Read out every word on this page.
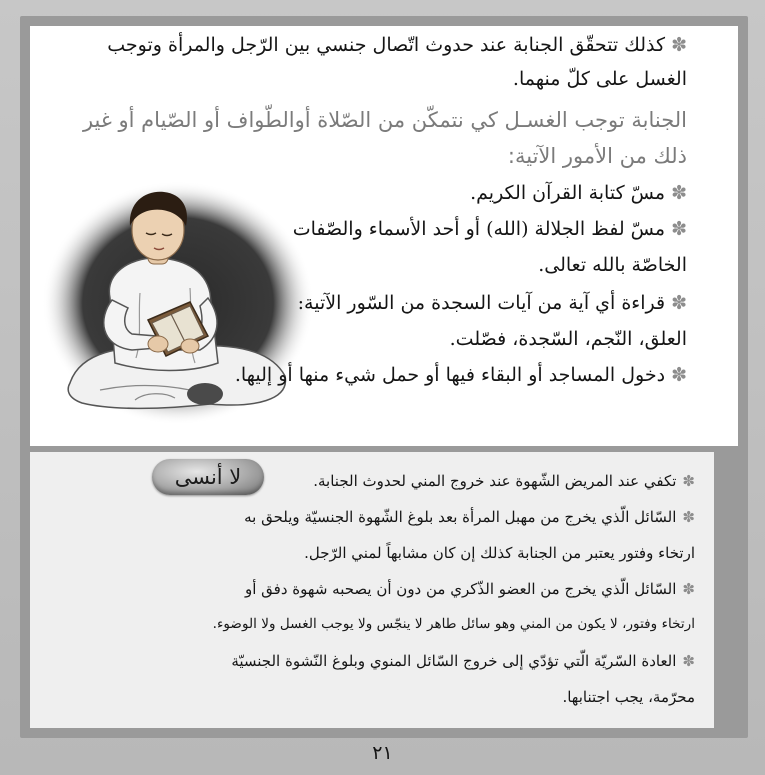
✽كذلك تتحقّق الجنابة عند حدوث اتّصال جنسي بين الرّجل والمرأة وتوجب
الغسل على كلّ منهما.
الجنابة توجب الغسـل كي نتمكّن من الصّلاة أوالطّواف أو الصّيام أو غير
ذلك من الأمور الآتية:
✽مسّ كتابة القرآن الكريم.
✽مسّ لفظ الجلالة (الله) أو أحد الأسماء والصّفات
الخاصّة بالله تعالى.
✽قراءة أي آية من آيات السجدة من السّور الآتية:
العلق، النّجم، السّجدة، فصّلت.
✽دخول المساجد أو البقاء فيها أو حمل شيء منها أو إليها.
لا أنسى	✽تكفي عند المريض الشّهوة عند خروج المني لحدوث الجنابة.
✽السّائل الّذي يخرج من مهبل المرأة بعد بلوغ الشّهوة الجنسيّة ويلحق به
ارتخاء وفتور يعتبر من الجنابة كذلك إن كان مشابهاً لمني الرّجل.
✽السّائل الّذي يخرج من العضو الذّكري من دون أن يصحبه شهوة دفق أو
ارتخاء وفتور، لا يكون من المني وهو سائل طاهر لا ينجّس ولا يوجب الغسل ولا الوضوء.
✽العادة السّريّة الّتي تؤدّي إلى خروج السّائل المنوي وبلوغ النّشوة الجنسيّة
محرّمة، يجب اجتنابها.
٢١
